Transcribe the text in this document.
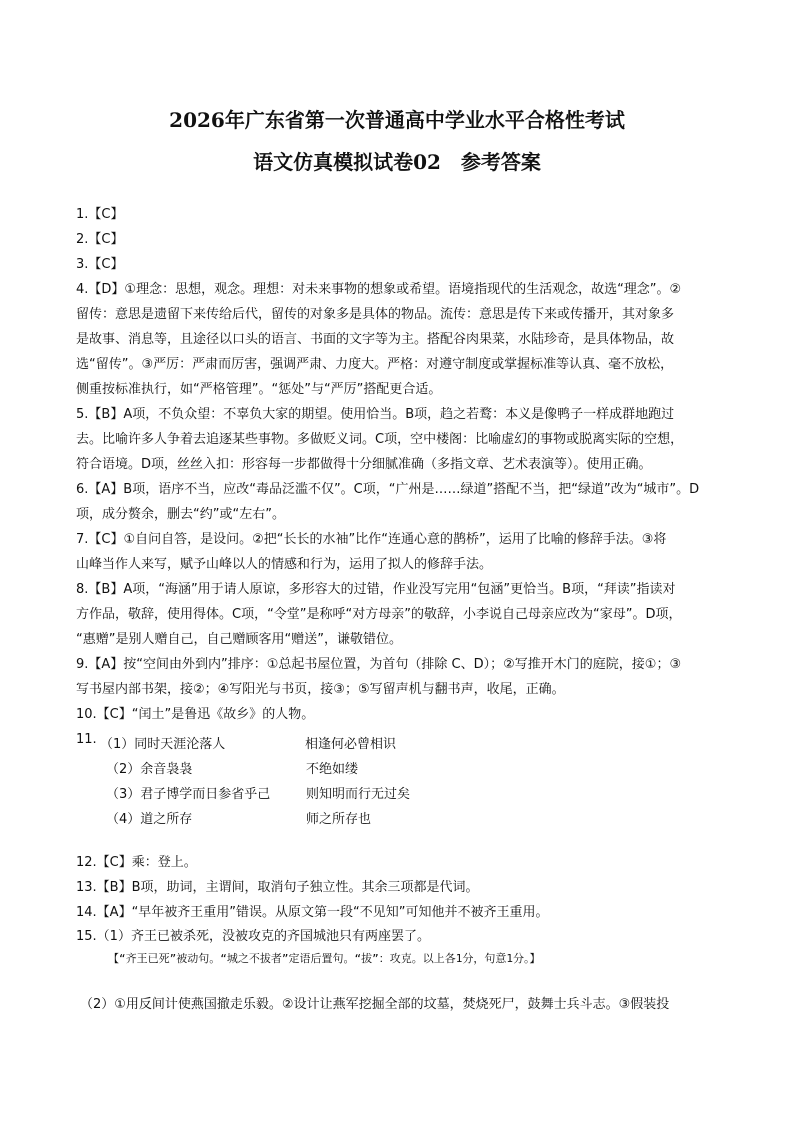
2026年广东省第一次普通高中学业水平合格性考试
语文仿真模拟试卷02　参考答案
1.【C】
2.【C】
3.【C】
4.【D】①理念：思想，观念。理想：对未来事物的想象或希望。语境指现代的生活观念，故选“理念”。②
留传：意思是遗留下来传给后代，留传的对象多是具体的物品。流传：意思是传下来或传播开，其对象多
是故事、消息等，且途径以口头的语言、书面的文字等为主。搭配谷肉果菜，水陆珍奇，是具体物品，故
选“留传”。③严厉：严肃而厉害，强调严肃、力度大。严格：对遵守制度或掌握标准等认真、毫不放松，
侧重按标准执行，如“严格管理”。“惩处”与“严厉”搭配更合适。
5.【B】A项，不负众望：不辜负大家的期望。使用恰当。B项，趋之若鹜：本义是像鸭子一样成群地跑过
去。比喻许多人争着去追逐某些事物。多做贬义词。C项，空中楼阁：比喻虚幻的事物或脱离实际的空想，
符合语境。D项，丝丝入扣：形容每一步都做得十分细腻准确（多指文章、艺术表演等）。使用正确。
6.【A】B项，语序不当，应改“毒品泛滥不仅”。C项，“广州是……绿道”搭配不当，把“绿道”改为“城市”。D
项，成分赘余，删去“约”或“左右”。
7.【C】①自问自答，是设问。②把“长长的水袖”比作“连通心意的鹊桥”，运用了比喻的修辞手法。③将
山峰当作人来写，赋予山峰以人的情感和行为，运用了拟人的修辞手法。
8.【B】A项，“海涵”用于请人原谅，多形容大的过错，作业没写完用“包涵”更恰当。B项，“拜读”指读对
方作品，敬辞，使用得体。C项，“令堂”是称呼“对方母亲”的敬辞，小李说自己母亲应改为“家母”。D项，
“惠赠”是别人赠自己，自己赠顾客用“赠送”，谦敬错位。
9.【A】按“空间由外到内”排序：①总起书屋位置，为首句（排除 C、D）；②写推开木门的庭院，接①；③
写书屋内部书架，接②；④写阳光与书页，接③；⑤写留声机与翻书声，收尾，正确。
10.【C】“闰土”是鲁迅《故乡》的人物。
11. （1）同时天涯沦落人	相逢何必曾相识
（2）余音袅袅	不绝如缕
（3）君子博学而日参省乎己	则知明而行无过矣
（4）道之所存	师之所存也
12.【C】乘：登上。
13.【B】B项，助词，主谓间，取消句子独立性。其余三项都是代词。
14.【A】“早年被齐王重用”错误。从原文第一段“不见知”可知他并不被齐王重用。
15.（1）齐王已被杀死，没被攻克的齐国城池只有两座罢了。
【“齐王已死”被动句。“城之不拔者”定语后置句。“拔”：攻克。以上各1分，句意1分。】
（2）①用反间计使燕国撤走乐毅。②设计让燕军挖掘全部的坟墓，焚烧死尸，鼓舞士兵斗志。③假装投
